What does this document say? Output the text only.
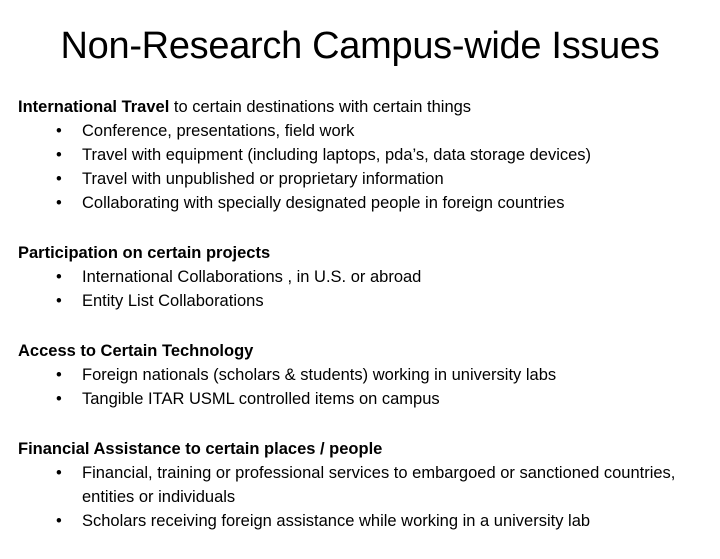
Non-Research Campus-wide Issues

International Travel to certain destinations with certain things

• Conference, presentations, field work
• Travel with equipment (including laptops, pda’s, data storage devices)
• Travel with unpublished or proprietary information
• Collaborating with specially designated people in foreign countries

Participation on certain projects

• International Collaborations , in U.S. or abroad
• Entity List Collaborations

Access to Certain Technology

• Foreign nationals (scholars & students) working in university labs
• Tangible ITAR USML controlled items on campus

Financial Assistance to certain places / people

• Financial, training or professional services to embargoed or sanctioned countries, entities or individuals
• Scholars receiving foreign assistance while working in a university lab
